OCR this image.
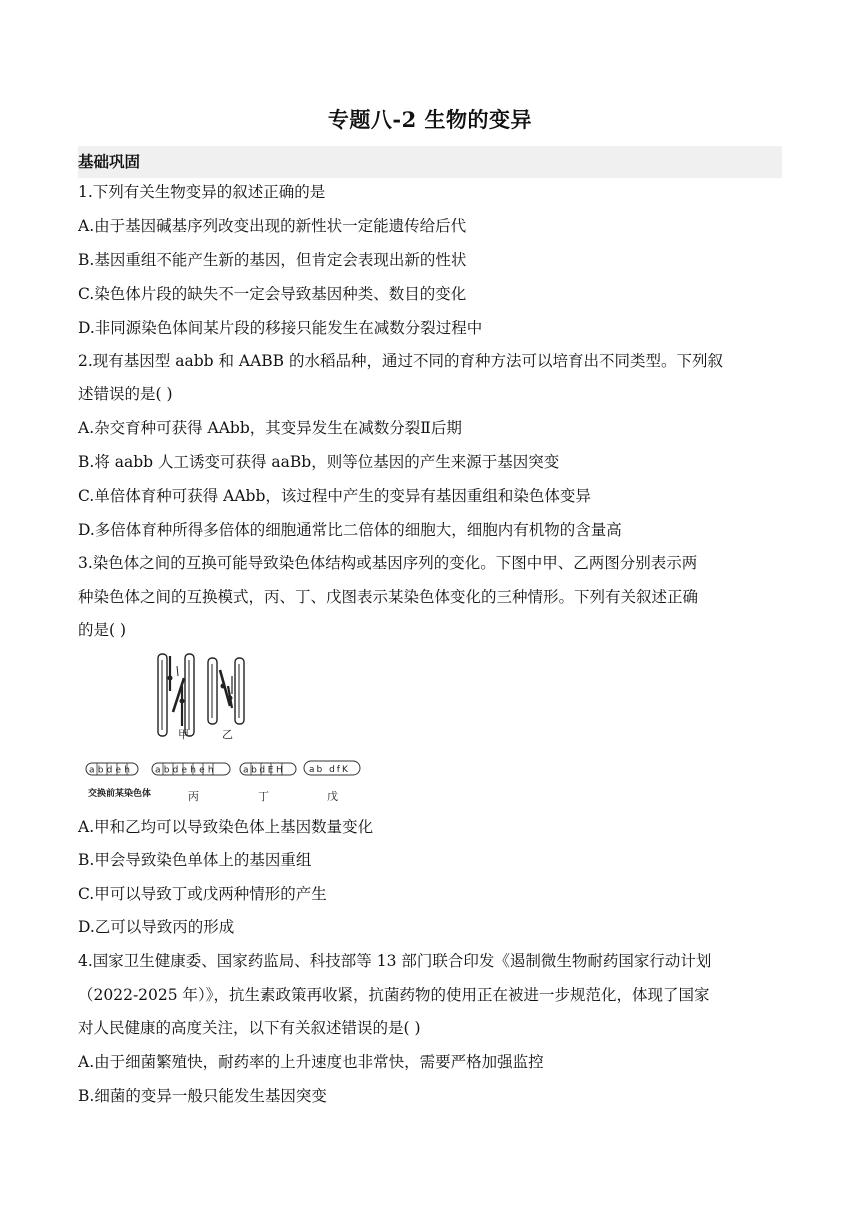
专题八-2 生物的变异
基础巩固
1.下列有关生物变异的叙述正确的是
A.由于基因碱基序列改变出现的新性状一定能遗传给后代
B.基因重组不能产生新的基因，但肯定会表现出新的性状
C.染色体片段的缺失不一定会导致基因种类、数目的变化
D.非同源染色体间某片段的移接只能发生在减数分裂过程中
2.现有基因型 aabb 和 AABB 的水稻品种，通过不同的育种方法可以培育出不同类型。下列叙
述错误的是( )
A.杂交育种可获得 AAbb，其变异发生在减数分裂Ⅱ后期
B.将 aabb 人工诱变可获得 aaBb，则等位基因的产生来源于基因突变
C.单倍体育种可获得 AAbb，该过程中产生的变异有基因重组和染色体变异
D.多倍体育种所得多倍体的细胞通常比二倍体的细胞大，细胞内有机物的含量高
3.染色体之间的互换可能导致染色体结构或基因序列的变化。下图中甲、乙两图分别表示两
种染色体之间的互换模式，丙、丁、戊图表示某染色体变化的三种情形。下列有关叙述正确
的是( )
甲	乙
abdeh abdeheh	abdEH	ab dfK
交换前某染色体	丙	丁	戊
A.甲和乙均可以导致染色体上基因数量变化
B.甲会导致染色单体上的基因重组
C.甲可以导致丁或戊两种情形的产生
D.乙可以导致丙的形成
4.国家卫生健康委、国家药监局、科技部等 13 部门联合印发《遏制微生物耐药国家行动计划
（2022-2025 年）》，抗生素政策再收紧，抗菌药物的使用正在被进一步规范化，体现了国家
对人民健康的高度关注，以下有关叙述错误的是( )
A.由于细菌繁殖快，耐药率的上升速度也非常快，需要严格加强监控
B.细菌的变异一般只能发生基因突变
